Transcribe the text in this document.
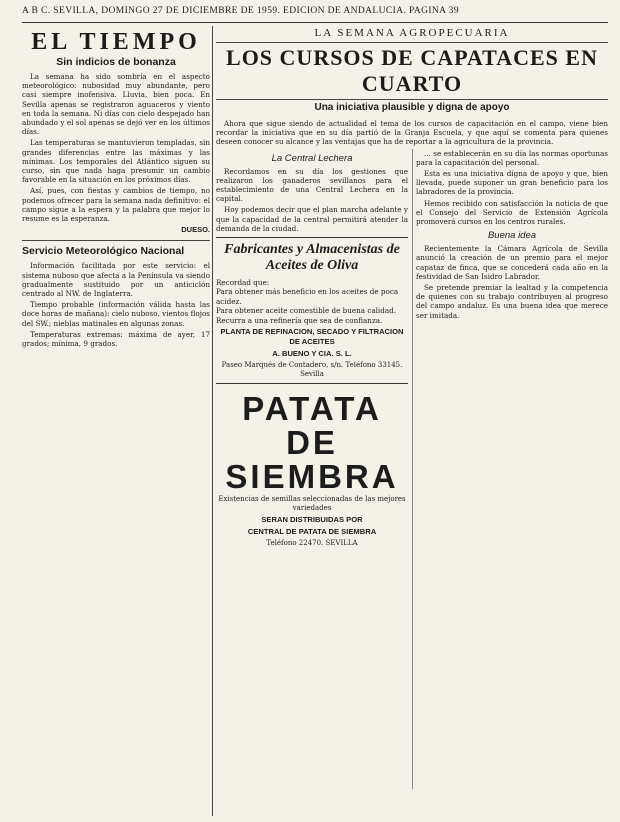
A B C. SEVILLA, DOMINGO 27 DE DICIEMBRE DE 1959. EDICION DE ANDALUCIA. PAGINA 39
EL TIEMPO
Sin indicios de bonanza

La semana ha sido sombría en el aspecto meteorológico: nubosidad muy abundante, pero casi siempre inofensiva. Lluvia, bien poca. En Sevilla apenas se registraron aguaceros y viento en toda la semana. Ni días con cielo despejado han abundado y el sol apenas se dejó ver en los últimos días.

Las temperaturas se mantuvieron templadas, sin grandes diferencias entre las máximas y las mínimas. Los temporales del Atlántico siguen su curso, sin que nada haga presumir un cambio favorable en la situación en los próximos días.

Así, pues, con fiestas y cambios de tiempo, no podemos ofrecer para la semana nada definitivo: el campo sigue a la espera y la palabra que mejor lo resume es la esperanza.

DUESO.

Servicio Meteorológico Nacional

Información facilitada por este servicio: el sistema nuboso que afecta a la Península va siendo gradualmente sustituido por un anticiclón centrado al NW. de Inglaterra.

Tiempo probable (información válida hasta las doce horas de mañana): cielo nuboso, vientos flojos del SW.; nieblas matinales en algunas zonas.

Temperaturas extremas: máxima de ayer, 17 grados; mínima, 9 grados.

LA SEMANA AGROPECUARIA
LOS CURSOS DE CAPATACES EN CUARTO
Una iniciativa plausible y digna de apoyo

Ahora que sigue siendo de actualidad el tema de los cursos de capacitación en el campo, viene bien recordar la iniciativa que en su día partió de la Granja Escuela, y que aquí se comenta para quienes deseen conocer su alcance y las ventajas que ha de reportar a la agricultura de la provincia.

La Central Lechera

Recordamos en su día los gestiones que realizaron los ganaderos sevillanos para el establecimiento de una Central Lechera en la capital.

Hoy podemos decir que el plan marcha adelante y que la capacidad de la central permitirá atender la demanda de la ciudad.

Fabricantes y Almacenistas de Aceites de Oliva

Recordad que:

Para obtener más beneficio en los aceites de poca acidez.

Para obtener aceite comestible de buena calidad.

Recurra a una refinería que sea de confianza.

PLANTA DE REFINACION, SECADO Y FILTRACION DE ACEITES
A. BUENO Y CIA. S. L.
Paseo Marqués de Contadero, s/n. Teléfono 33145. Sevilla
PATATA DE SIEMBRA
Existencias de semillas seleccionadas de las mejores variedades
SERAN DISTRIBUIDAS POR
CENTRAL DE PATATA DE SIEMBRA
Teléfono 22470. SEVILLA

... se establecerán en su día las normas oportunas para la capacitación del personal.

Esta es una iniciativa digna de apoyo y que, bien llevada, puede suponer un gran beneficio para los labradores de la provincia.

Hemos recibido con satisfacción la noticia de que el Consejo del Servicio de Extensión Agrícola promoverá cursos en los centros rurales.

Buena idea

Recientemente la Cámara Agrícola de Sevilla anunció la creación de un premio para el mejor capataz de finca, que se concederá cada año en la festividad de San Isidro Labrador.

Se pretende premiar la lealtad y la competencia de quienes con su trabajo contribuyen al progreso del campo andaluz. Es una buena idea que merece ser imitada.
